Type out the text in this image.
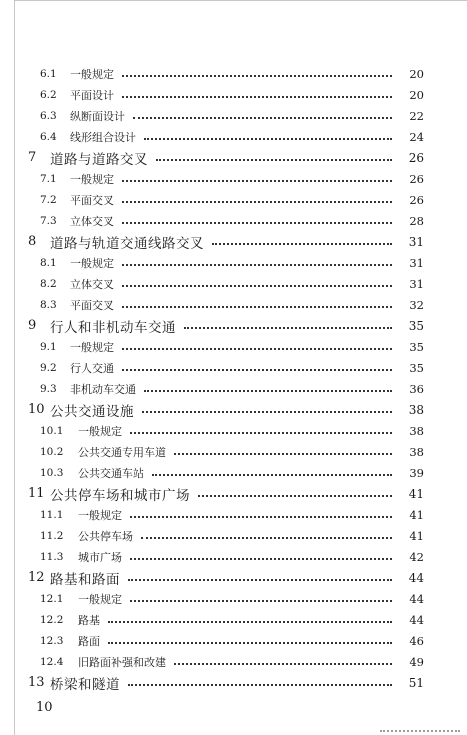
6.1	一般规定	20
6.2	平面设计	20
6.3	纵断面设计	22
6.4	线形组合设计	24
7	道路与道路交叉	26
7.1	一般规定	26
7.2	平面交叉	26
7.3	立体交叉	28
8	道路与轨道交通线路交叉	31
8.1	一般规定	31
8.2	立体交叉	31
8.3	平面交叉	32
9	行人和非机动车交通	35
9.1	一般规定	35
9.2	行人交通	35
9.3	非机动车交通	36
10 公共交通设施	38
10.1	一般规定	38
10.2	公共交通专用车道	38
10.3	公共交通车站	39
11 公共停车场和城市广场	41
11.1	一般规定	41
11.2	公共停车场	41
11.3	城市广场	42
12 路基和路面	44
12.1	一般规定	44
12.2	路基	44
12.3	路面	46
12.4	旧路面补强和改建	49
13 桥梁和隧道	51
10
